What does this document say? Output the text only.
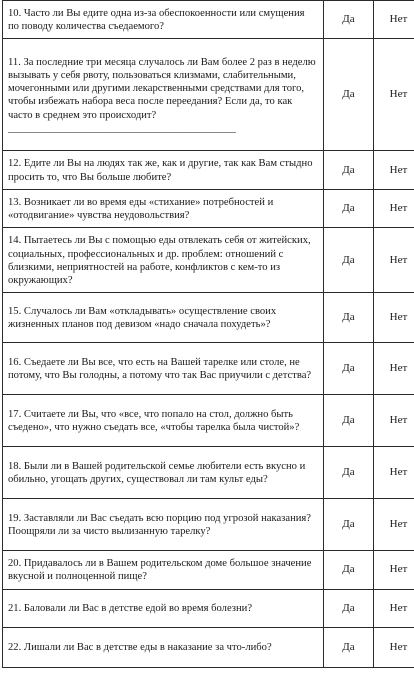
10. Часто ли Вы едите одна из-за обеспокоенности или смущения по поводу количества съедаемого?	Да	Нет

11. За последние три месяца случалось ли Вам более 2 раз в неделю вызывать у себя рвоту, пользоваться клизмами, слабительными, мочегонными или другими лекарственными средствами для того, чтобы избежать набора веса после переедания? Если да, то как часто в среднем это происходит? ___________________________________________	Да	Нет

12. Едите ли Вы на людях так же, как и другие, так как Вам стыдно просить то, что Вы больше любите?	Да	Нет

13. Возникает ли во время еды «стихание» потребностей и «отодвигание» чувства неудовольствия?	Да	Нет

14. Пытаетесь ли Вы с помощью еды отвлекать себя от житейских, социальных, профессиональных и др. проблем: отношений с близкими, неприятностей на работе, конфликтов с кем-то из окружающих?	Да	Нет

15. Случалось ли Вам «откладывать» осуществление своих жизненных планов под девизом «надо сначала похудеть»?	Да	Нет

16. Съедаете ли Вы все, что есть на Вашей тарелке или столе, не потому, что Вы голодны, а потому что так Вас приучили с детства?	Да	Нет

17. Считаете ли Вы, что «все, что попало на стол, должно быть съедено», что нужно съедать все, «чтобы тарелка была чистой»?	Да	Нет

18. Были ли в Вашей родительской семье любители есть вкусно и обильно, угощать других, существовал ли там культ еды?	Да	Нет

19. Заставляли ли Вас съедать всю порцию под угрозой наказания? Поощряли ли за чисто вылизанную тарелку?	Да	Нет

20. Придавалось ли в Вашем родительском доме большое значение вкусной и полноценной пище?	Да	Нет

21. Баловали ли Вас в детстве едой во время болезни?	Да	Нет

22. Лишали ли Вас в детстве еды в наказание за что-либо?	Да	Нет
